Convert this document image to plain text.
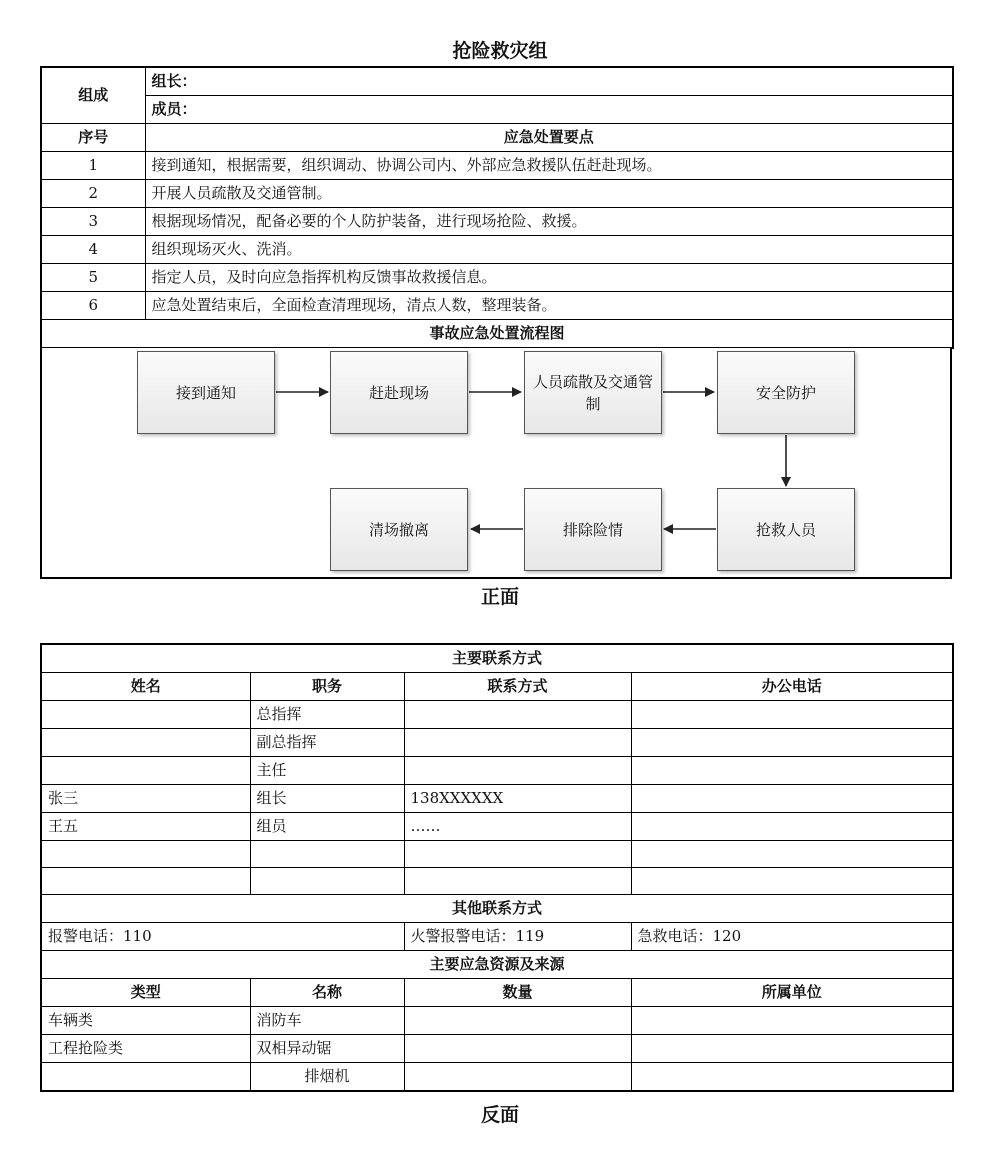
抢险救灾组
组成	组长：
	成员：
序号	应急处置要点
1	接到通知，根据需要，组织调动、协调公司内、外部应急救援队伍赶赴现场。
2	开展人员疏散及交通管制。
3	根据现场情况，配备必要的个人防护装备，进行现场抢险、救援。
4	组织现场灭火、洗消。
5	指定人员，及时向应急指挥机构反馈事故救援信息。
6	应急处置结束后，全面检查清理现场，清点人数，整理装备。
事故应急处置流程图	
接到通知	赶赴现场
人员疏散及交通管制
安全防护
抢救人员
排除险情
清场撤离
正面
主要联系方式			
姓名	职务	联系方式	办公电话
	总指挥		
	副总指挥		
	主任		
张三	组长	138XXXXXX	
王五	组员	……	

其他联系方式			
报警电话：110		火警报警电话：119	急救电话：120
主要应急资源及来源			
类型	名称	数量	所属单位
车辆类	消防车		
工程抢险类	双相异动锯		
	排烟机		
反面
